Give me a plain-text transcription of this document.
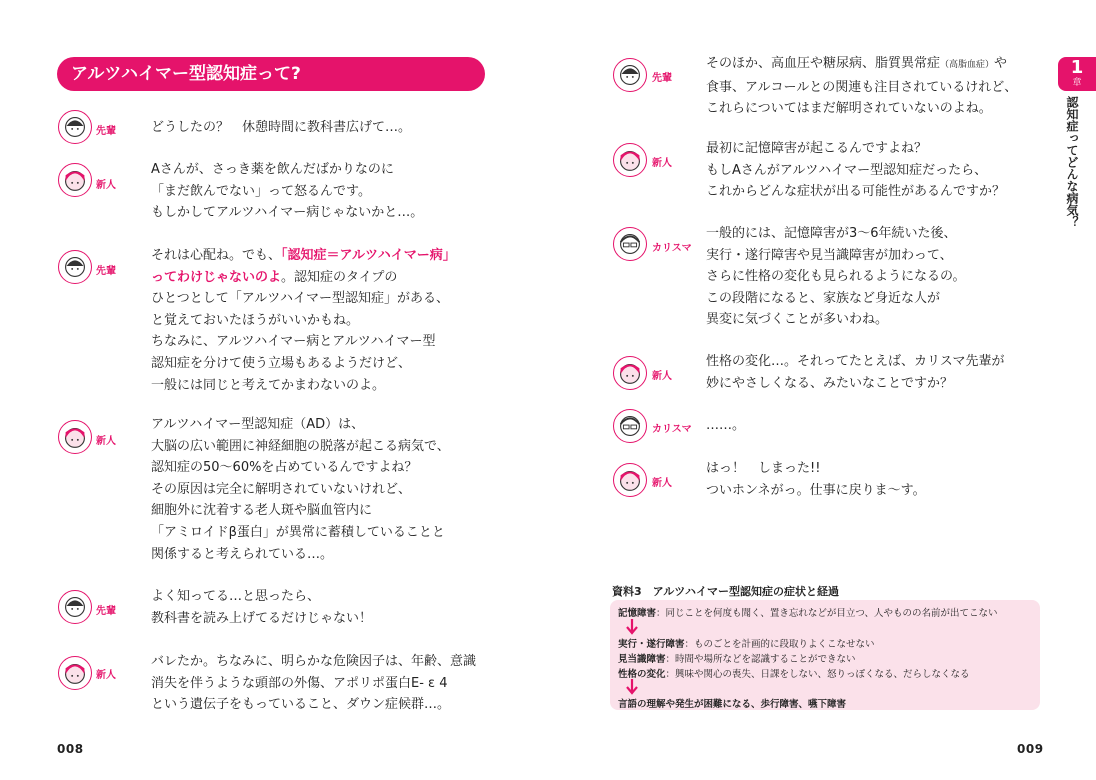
アルツハイマー型認知症って?
先輩	どうしたの？　休憩時間に教科書広げて…。
新人
Aさんが、さっき薬を飲んだばかりなのに
「まだ飲んでない」って怒るんです。
もしかしてアルツハイマー病じゃないかと…。
先輩
それは心配ね。でも、「認知症＝アルツハイマー病」
ってわけじゃないのよ。認知症のタイプの
ひとつとして「アルツハイマー型認知症」がある、
と覚えておいたほうがいいかもね。
ちなみに、アルツハイマー病とアルツハイマー型
認知症を分けて使う立場もあるようだけど、
一般には同じと考えてかまわないのよ。
新人
アルツハイマー型認知症（AD）は、
大脳の広い範囲に神経細胞の脱落が起こる病気で、
認知症の50～60%を占めているんですよね？
その原因は完全に解明されていないけれど、
細胞外に沈着する老人斑や脳血管内に
「アミロイドβ蛋白」が異常に蓄積していることと
関係すると考えられている…。
先輩
よく知ってる…と思ったら、
教科書を読み上げてるだけじゃない！
新人
バレたか。ちなみに、明らかな危険因子は、年齢、意識
消失を伴うような頭部の外傷、アポリポ蛋白E- ε 4
という遺伝子をもっていること、ダウン症候群…。
先輩
そのほか、高血圧や糖尿病、脂質異常症（高脂血症）や
食事、アルコールとの関連も注目されているけれど、
これらについてはまだ解明されていないのよね。
新人
最初に記憶障害が起こるんですよね？
もしAさんがアルツハイマー型認知症だったら、
これからどんな症状が出る可能性があるんですか？
カリスマ
一般的には、記憶障害が3～6年続いた後、
実行・遂行障害や見当識障害が加わって、
さらに性格の変化も見られるようになるの。
この段階になると、家族など身近な人が
異変に気づくことが多いわね。
新人
性格の変化…。それってたとえば、カリスマ先輩が
妙にやさしくなる、みたいなことですか？
カリスマ ……。
新人
はっ！　しまった!!
ついホンネがっ。仕事に戻りま～す。
1
章
認知症ってどんな病気？
資料3　アルツハイマー型認知症の症状と経過
記憶障害：同じことを何度も聞く、置き忘れなどが目立つ、人やものの名前が出てこない
実行・遂行障害：ものごとを計画的に段取りよくこなせない
見当識障害：時間や場所などを認識することができない
性格の変化：興味や関心の喪失、日課をしない、怒りっぽくなる、だらしなくなる
言語の理解や発生が困難になる、歩行障害、嚥下障害
008	009
